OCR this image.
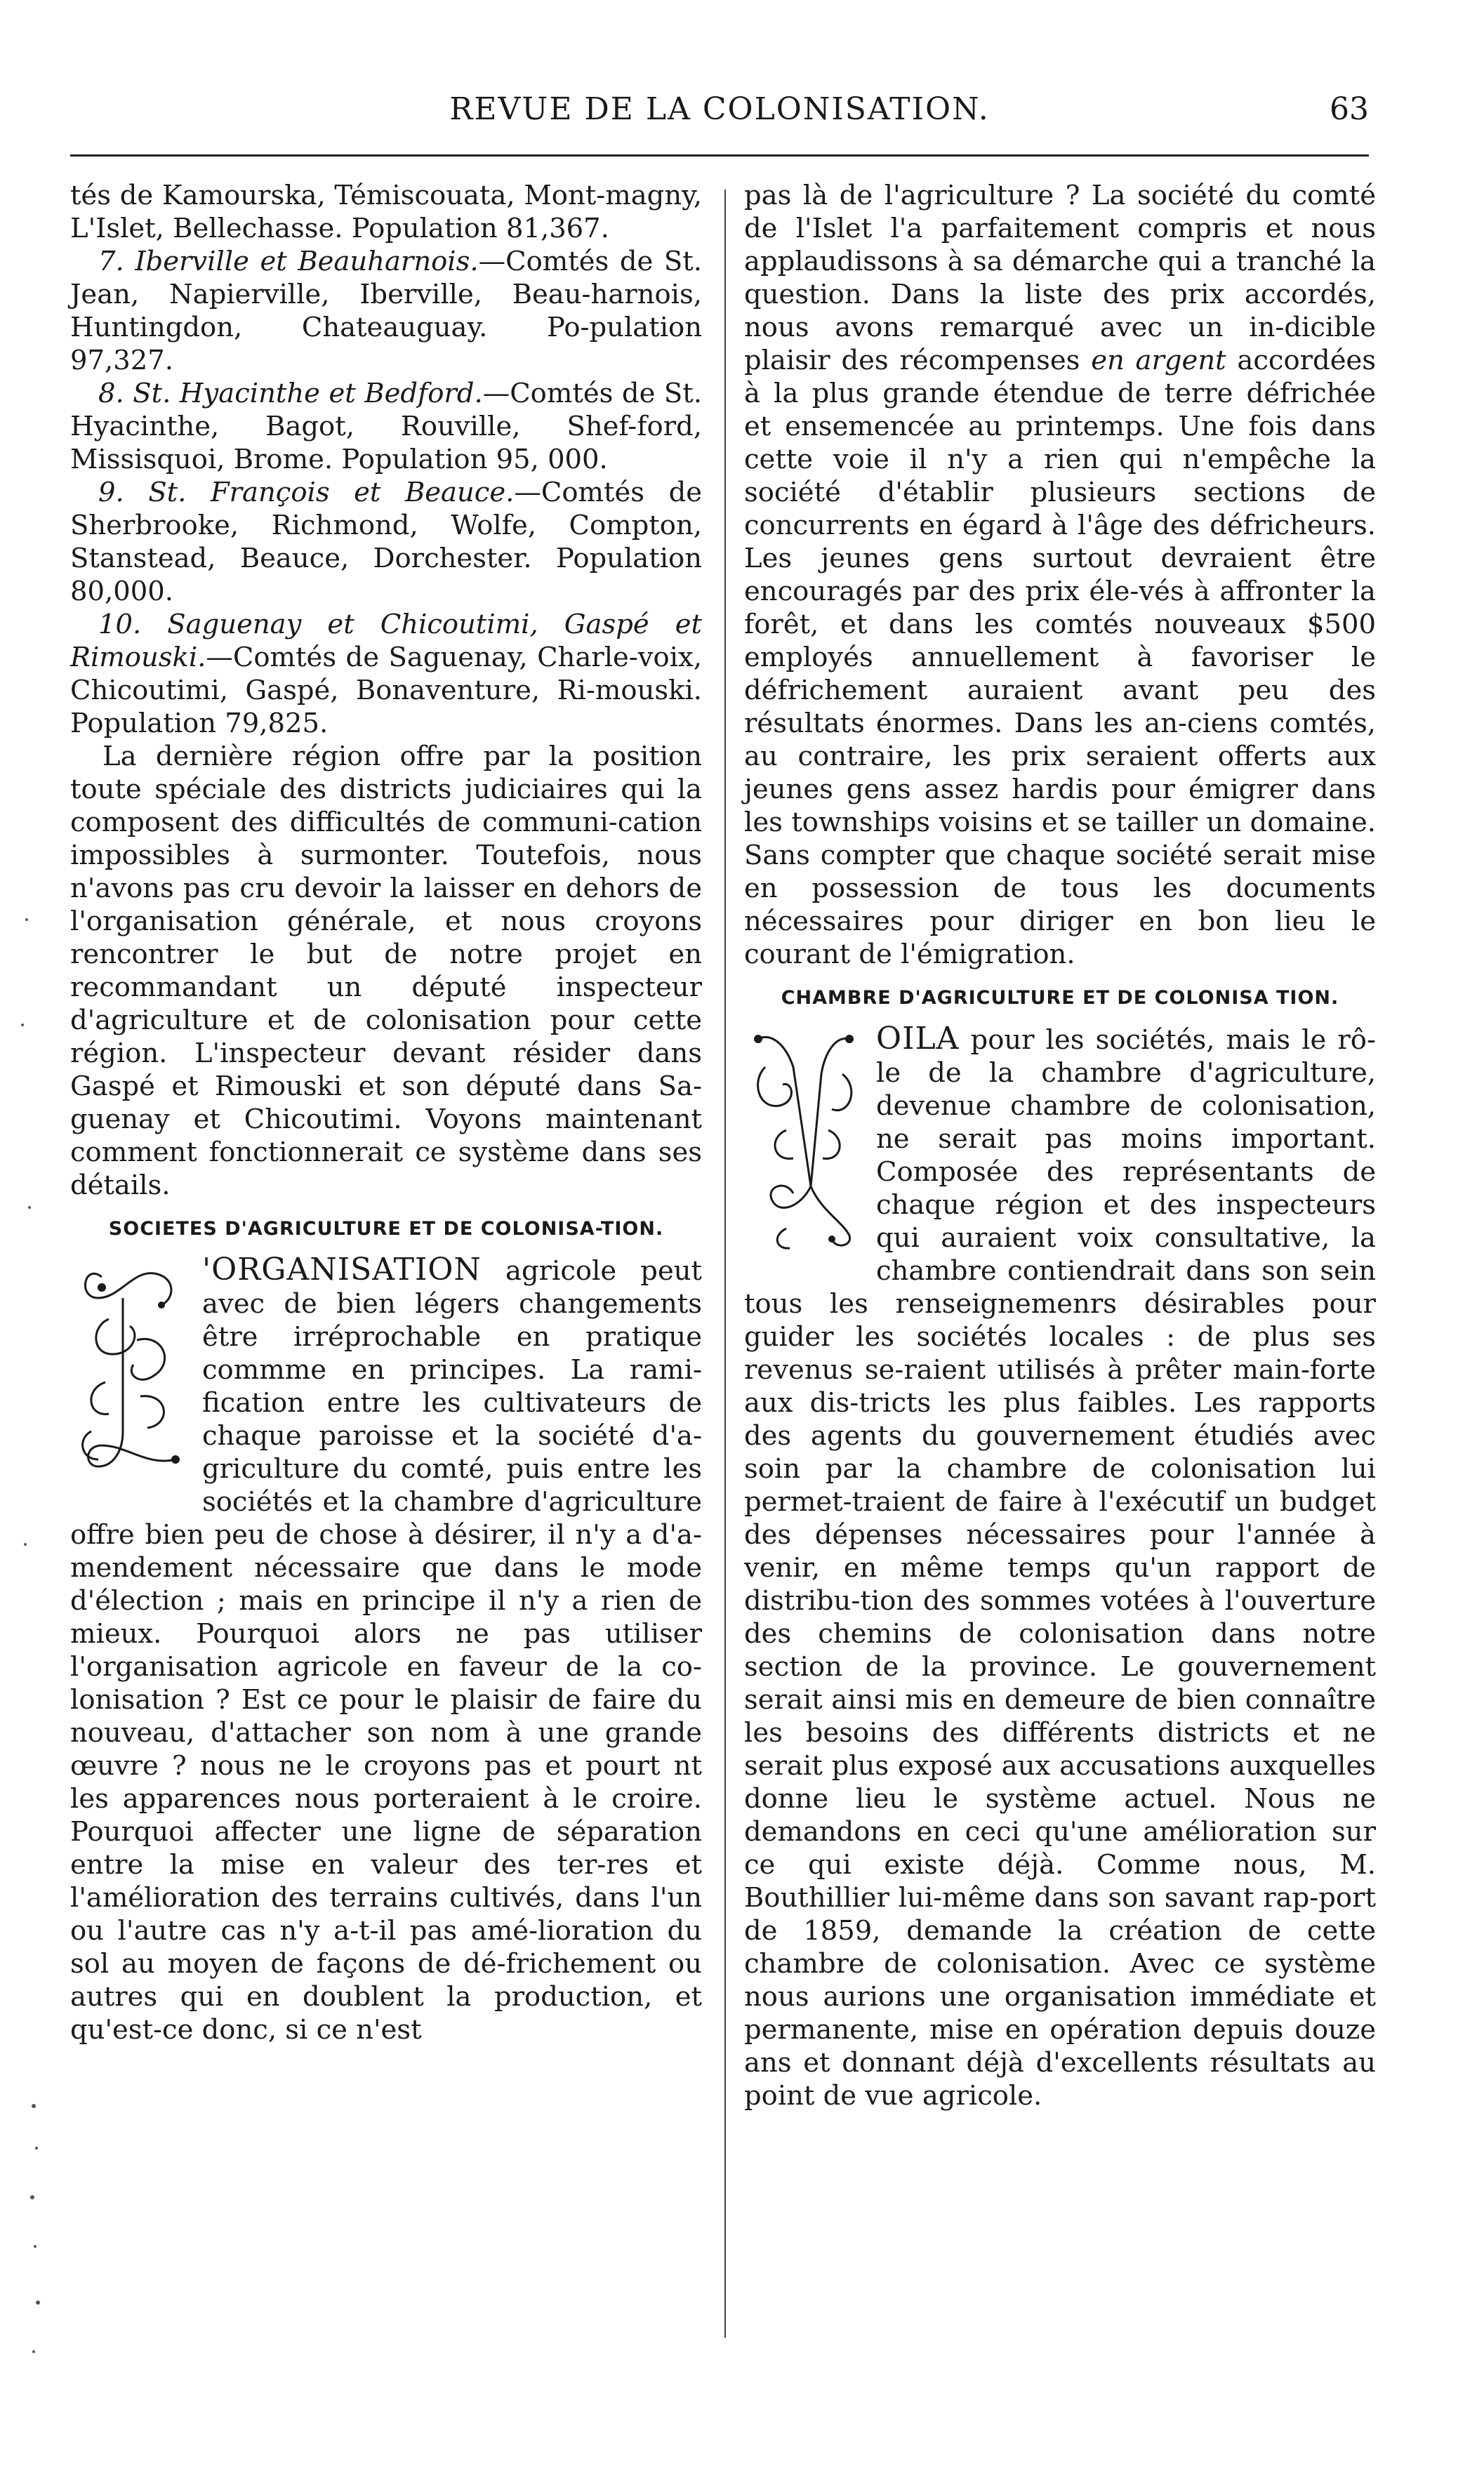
REVUE DE LA COLONISATION.	63

tés de Kamourska, Témiscouata, Mont-magny, L'Islet, Bellechasse. Population 81,367.

7. Iberville et Beauharnois.—Comtés de St. Jean, Napierville, Iberville, Beau-harnois, Huntingdon, Chateauguay. Po-pulation 97,327.

8. St. Hyacinthe et Bedford.—Comtés de St. Hyacinthe, Bagot, Rouville, Shef-ford, Missisquoi, Brome. Population 95, 000.

9. St. François et Beauce.—Comtés de Sherbrooke, Richmond, Wolfe, Compton, Stanstead, Beauce, Dorchester. Population 80,000.

10. Saguenay et Chicoutimi, Gaspé et Rimouski.—Comtés de Saguenay, Charle-voix, Chicoutimi, Gaspé, Bonaventure, Ri-mouski. Population 79,825.

La dernière région offre par la position toute spéciale des districts judiciaires qui la composent des difficultés de communi-cation impossibles à surmonter. Toutefois, nous n'avons pas cru devoir la laisser en dehors de l'organisation générale, et nous croyons rencontrer le but de notre projet en recommandant un député inspecteur d'agriculture et de colonisation pour cette région. L'inspecteur devant résider dans Gaspé et Rimouski et son député dans Sa-guenay et Chicoutimi. Voyons maintenant comment fonctionnerait ce système dans ses détails.

SOCIETES D'AGRICULTURE ET DE COLONISA-TION.

'ORGANISATION agricole peut avec de bien légers changements être irréprochable en pratique commme en principes. La rami-fication entre les cultivateurs de chaque paroisse et la société d'a-griculture du comté, puis entre les sociétés et la chambre d'agriculture offre bien peu de chose à désirer, il n'y a d'a-mendement nécessaire que dans le mode d'élection ; mais en principe il n'y a rien de mieux. Pourquoi alors ne pas utiliser l'organisation agricole en faveur de la co-lonisation ? Est ce pour le plaisir de faire du nouveau, d'attacher son nom à une grande œuvre ? nous ne le croyons pas et pourt nt les apparences nous porteraient à le croire. Pourquoi affecter une ligne de séparation entre la mise en valeur des ter-res et l'amélioration des terrains cultivés, dans l'un ou l'autre cas n'y a-t-il pas amé-lioration du sol au moyen de façons de dé-frichement ou autres qui en doublent la production, et qu'est-ce donc, si ce n'est

pas là de l'agriculture ? La société du comté de l'Islet l'a parfaitement compris et nous applaudissons à sa démarche qui a tranché la question. Dans la liste des prix accordés, nous avons remarqué avec un in-dicible plaisir des récompenses en argent accordées à la plus grande étendue de terre défrichée et ensemencée au printemps. Une fois dans cette voie il n'y a rien qui n'empêche la société d'établir plusieurs sections de concurrents en égard à l'âge des défricheurs. Les jeunes gens surtout devraient être encouragés par des prix éle-vés à affronter la forêt, et dans les comtés nouveaux $500 employés annuellement à favoriser le défrichement auraient avant peu des résultats énormes. Dans les an-ciens comtés, au contraire, les prix seraient offerts aux jeunes gens assez hardis pour émigrer dans les townships voisins et se tailler un domaine. Sans compter que chaque société serait mise en possession de tous les documents nécessaires pour diriger en bon lieu le courant de l'émigration.

CHAMBRE D'AGRICULTURE ET DE COLONISA TION.

OILA pour les sociétés, mais le rô-le de la chambre d'agriculture, devenue chambre de colonisation, ne serait pas moins important. Composée des représentants de chaque région et des inspecteurs qui auraient voix consultative, la chambre contiendrait dans son sein tous les renseignemenrs désirables pour guider les sociétés locales : de plus ses revenus se-raient utilisés à prêter main-forte aux dis-tricts les plus faibles. Les rapports des agents du gouvernement étudiés avec soin par la chambre de colonisation lui permet-traient de faire à l'exécutif un budget des dépenses nécessaires pour l'année à venir, en même temps qu'un rapport de distribu-tion des sommes votées à l'ouverture des chemins de colonisation dans notre section de la province. Le gouvernement serait ainsi mis en demeure de bien connaître les besoins des différents districts et ne serait plus exposé aux accusations auxquelles donne lieu le système actuel. Nous ne demandons en ceci qu'une amélioration sur ce qui existe déjà. Comme nous, M. Bouthillier lui-même dans son savant rap-port de 1859, demande la création de cette chambre de colonisation. Avec ce système nous aurions une organisation immédiate et permanente, mise en opération depuis douze ans et donnant déjà d'excellents résultats au point de vue agricole.
